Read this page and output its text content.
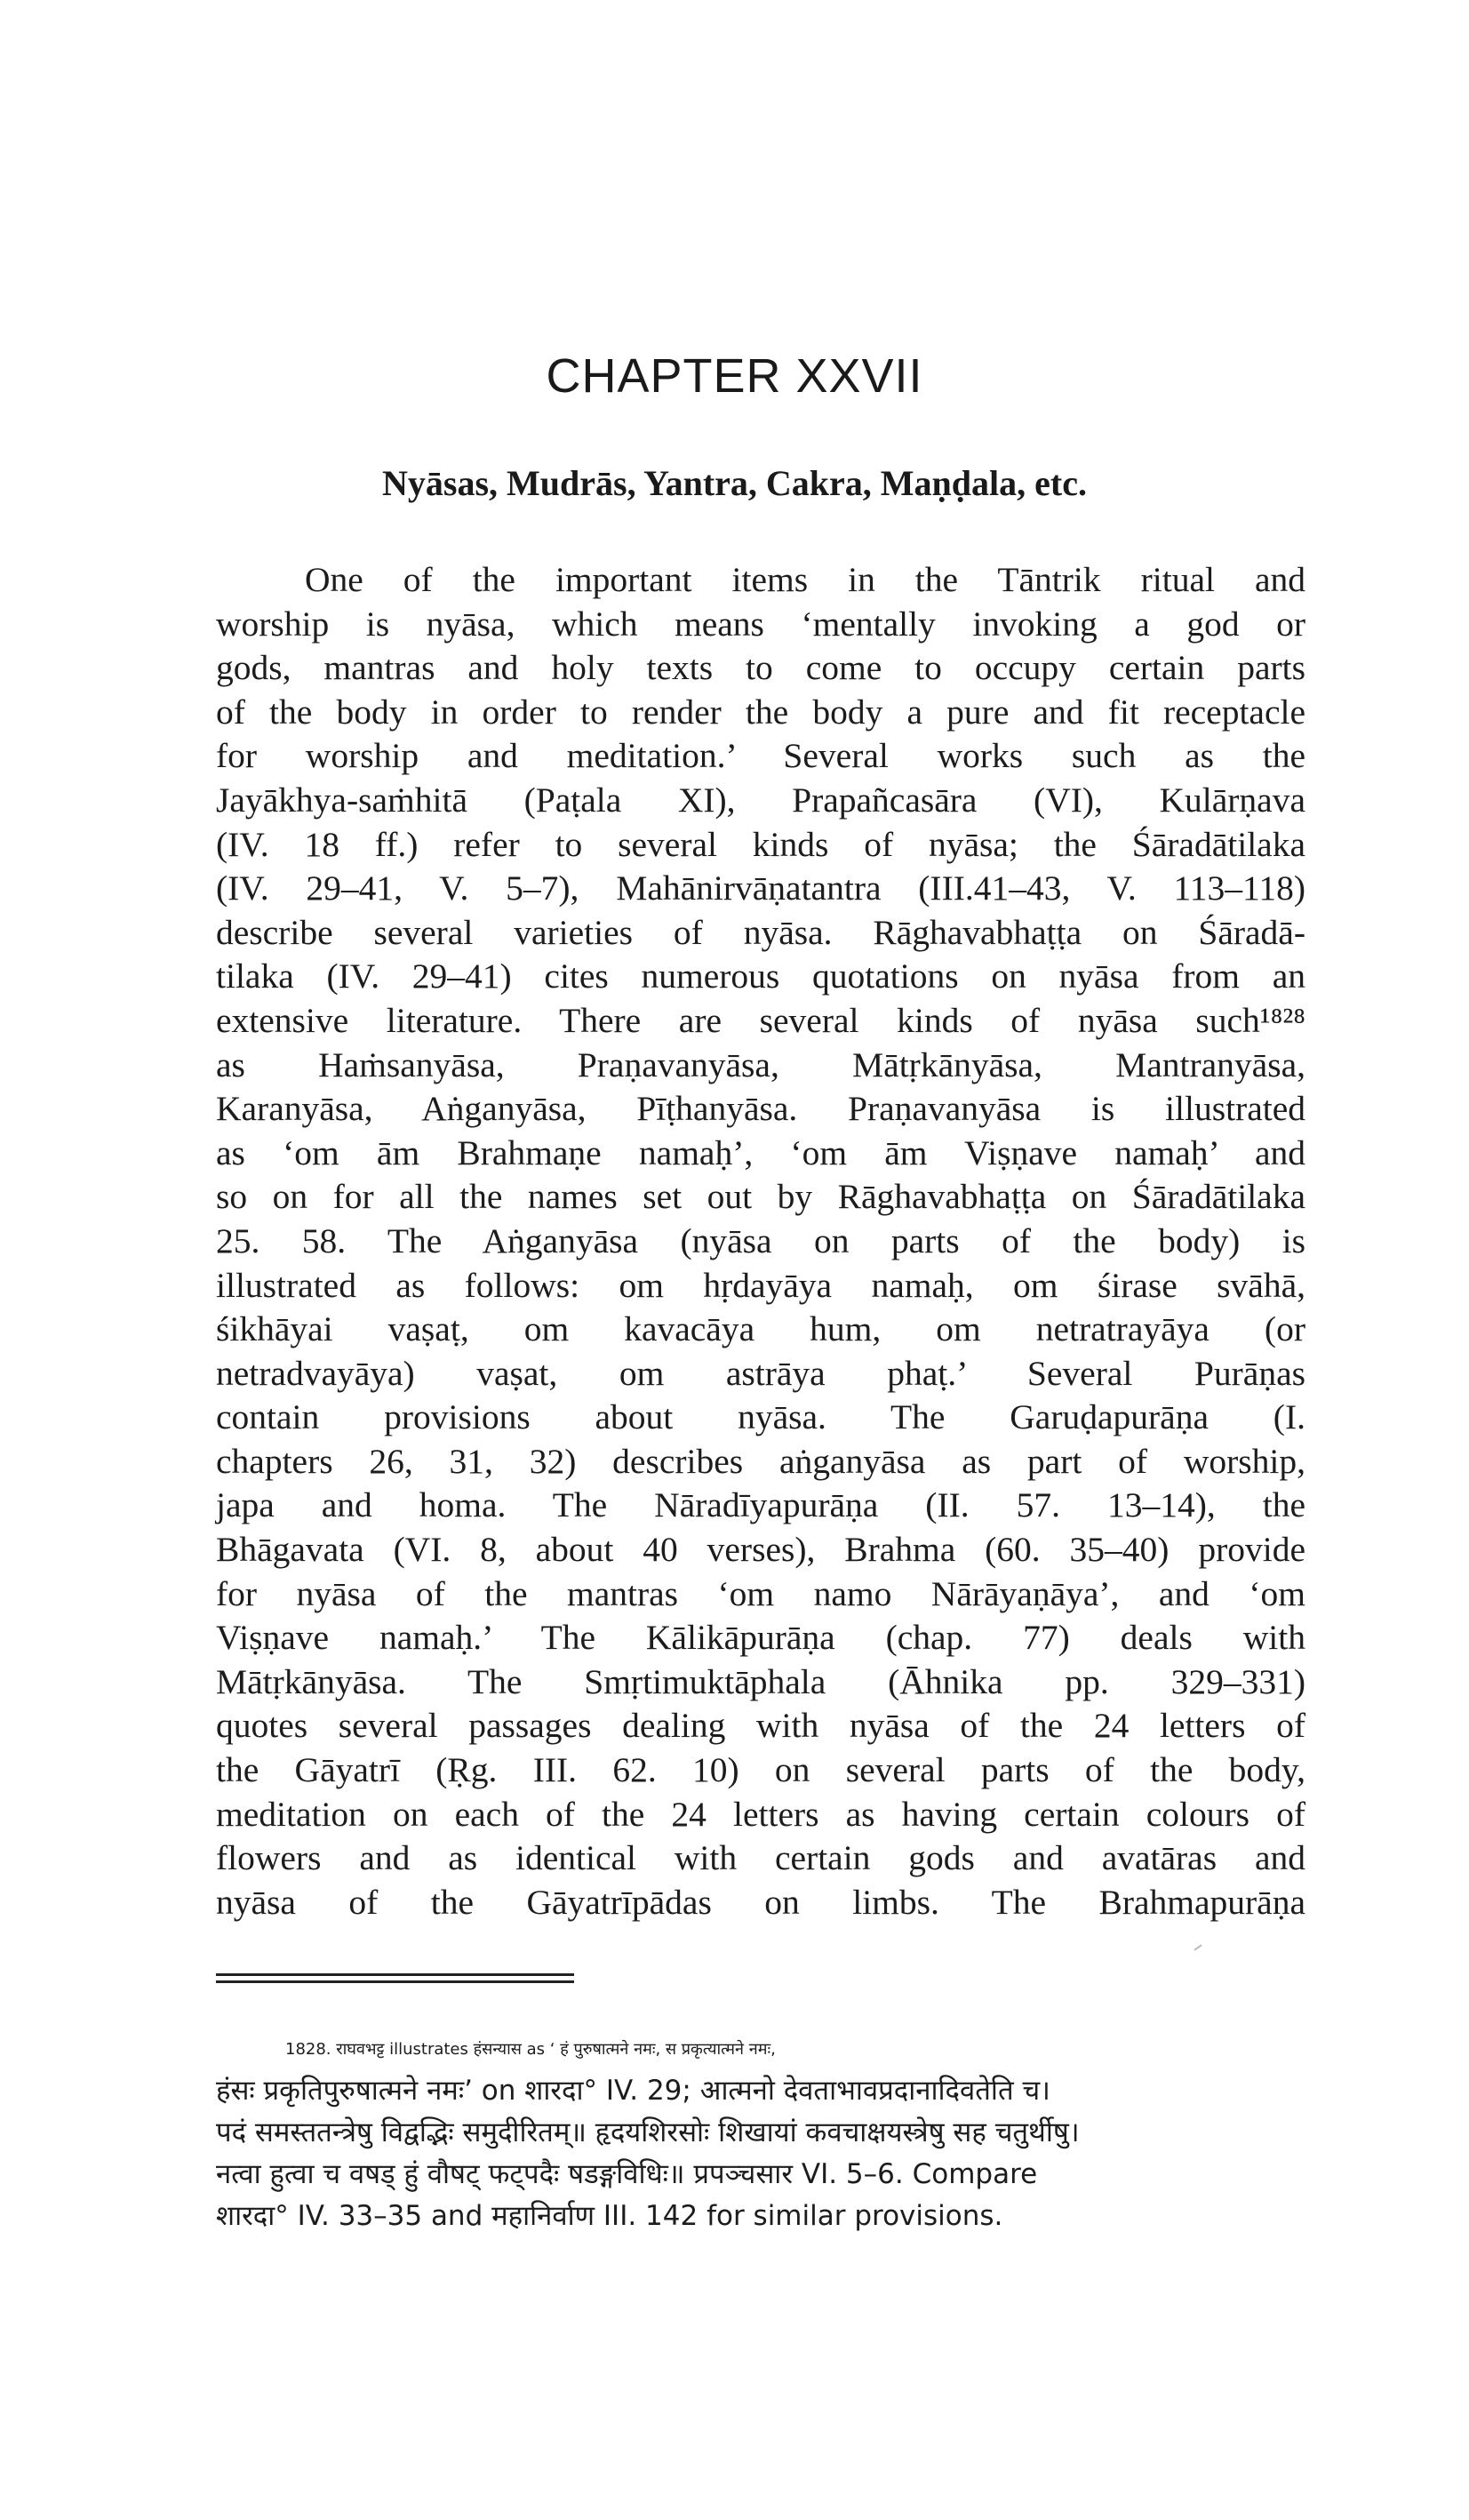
CHAPTER XXVII
Nyāsas, Mudrās, Yantra, Cakra, Maṇḍala, etc.
One of the important items in the Tāntrik ritual and
worship is nyāsa, which means ‘mentally invoking a god or
gods, mantras and holy texts to come to occupy certain parts
of the body in order to render the body a pure and fit receptacle
for worship and meditation.’ Several works such as the
Jayākhya-saṁhitā (Paṭala XI), Prapañcasāra (VI), Kulārṇava
(IV. 18 ff.) refer to several kinds of nyāsa; the Śāradātilaka
(IV. 29–41, V. 5–7), Mahānirvāṇatantra (III.41–43, V. 113–118)
describe several varieties of nyāsa. Rāghavabhaṭṭa on Śāradā-
tilaka (IV. 29–41) cites numerous quotations on nyāsa from an
extensive literature. There are several kinds of nyāsa such¹⁸²⁸
as Haṁsanyāsa, Praṇavanyāsa, Mātṛkānyāsa, Mantranyāsa,
Karanyāsa, Aṅganyāsa, Pīṭhanyāsa. Praṇavanyāsa is illustrated
as ‘om ām Brahmaṇe namaḥ’, ‘om ām Viṣṇave namaḥ’ and
so on for all the names set out by Rāghavabhaṭṭa on Śāradātilaka
25. 58. The Aṅganyāsa (nyāsa on parts of the body) is
illustrated as follows: om hṛdayāya namaḥ, om śirase svāhā,
śikhāyai vaṣaṭ, om kavacāya hum, om netratrayāya (or
netradvayāya) vaṣat, om astrāya phaṭ.’ Several Purāṇas
contain provisions about nyāsa. The Garuḍapurāṇa (I.
chapters 26, 31, 32) describes aṅganyāsa as part of worship,
japa and homa. The Nāradīyapurāṇa (II. 57. 13–14), the
Bhāgavata (VI. 8, about 40 verses), Brahma (60. 35–40) provide
for nyāsa of the mantras ‘om namo Nārāyaṇāya’, and ‘om
Viṣṇave namaḥ.’ The Kālikāpurāṇa (chap. 77) deals with
Mātṛkānyāsa. The Smṛtimuktāphala (Āhnika pp. 329–331)
quotes several passages dealing with nyāsa of the 24 letters of
the Gāyatrī (Ṛg. III. 62. 10) on several parts of the body,
meditation on each of the 24 letters as having certain colours of
flowers and as identical with certain gods and avatāras and
nyāsa of the Gāyatrīpādas on limbs. The Brahmapurāṇa
1828. राघवभट्ट illustrates हंसन्यास as ‘ हं पुरुषात्मने नमः, स प्रकृत्यात्मने नमः,
हंसः प्रकृतिपुरुषात्मने नमः’ on शारदा° IV. 29; आत्मनो देवताभावप्रदानादिवतेति च।
पदं समस्ततन्त्रेषु विद्वद्भिः समुदीरितम्॥ हृदयशिरसोः शिखायां कवचाक्षयस्त्रेषु सह चतुर्थीषु।
नत्वा हुत्वा च वषड् हुं वौषट् फट्पदैः षडङ्गविधिः॥ प्रपञ्चसार VI. 5–6. Compare
शारदा° IV. 33–35 and महानिर्वाण III. 142 for similar provisions.
